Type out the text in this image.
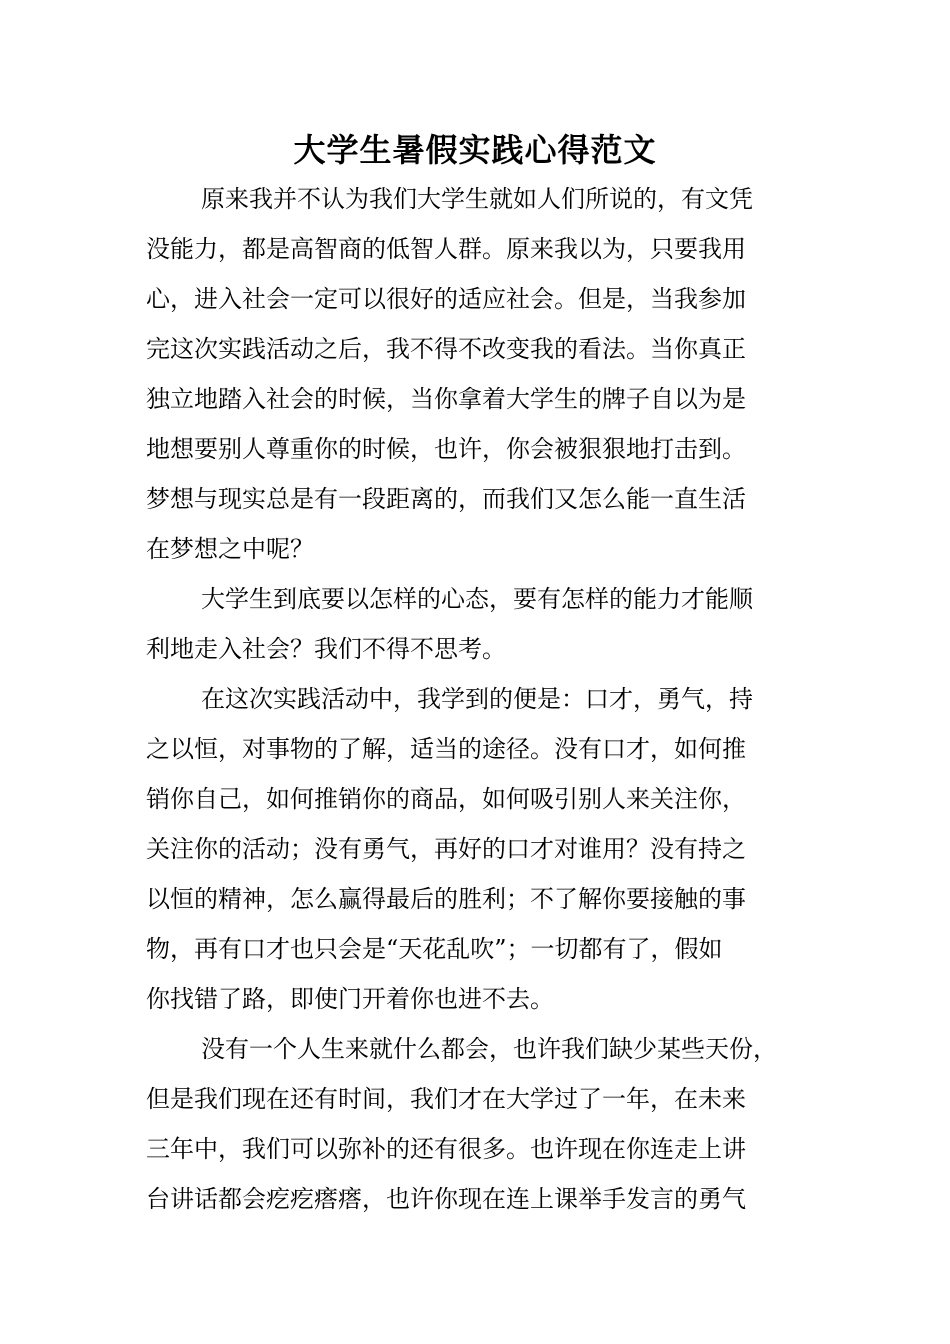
大学生暑假实践心得范文
原来我并不认为我们大学生就如人们所说的，有文凭
没能力，都是高智商的低智人群。原来我以为，只要我用
心，进入社会一定可以很好的适应社会。但是，当我参加
完这次实践活动之后，我不得不改变我的看法。当你真正
独立地踏入社会的时候，当你拿着大学生的牌子自以为是
地想要别人尊重你的时候，也许，你会被狠狠地打击到。
梦想与现实总是有一段距离的，而我们又怎么能一直生活
在梦想之中呢？
大学生到底要以怎样的心态，要有怎样的能力才能顺
利地走入社会？我们不得不思考。
在这次实践活动中，我学到的便是：口才，勇气，持
之以恒，对事物的了解，适当的途径。没有口才，如何推
销你自己，如何推销你的商品，如何吸引别人来关注你，
关注你的活动；没有勇气，再好的口才对谁用？没有持之
以恒的精神，怎么赢得最后的胜利；不了解你要接触的事
物，再有口才也只会是“天花乱吹”；一切都有了，假如
你找错了路，即使门开着你也进不去。
没有一个人生来就什么都会，也许我们缺少某些天份，
但是我们现在还有时间，我们才在大学过了一年，在未来
三年中，我们可以弥补的还有很多。也许现在你连走上讲
台讲话都会疙疙瘩瘩，也许你现在连上课举手发言的勇气
